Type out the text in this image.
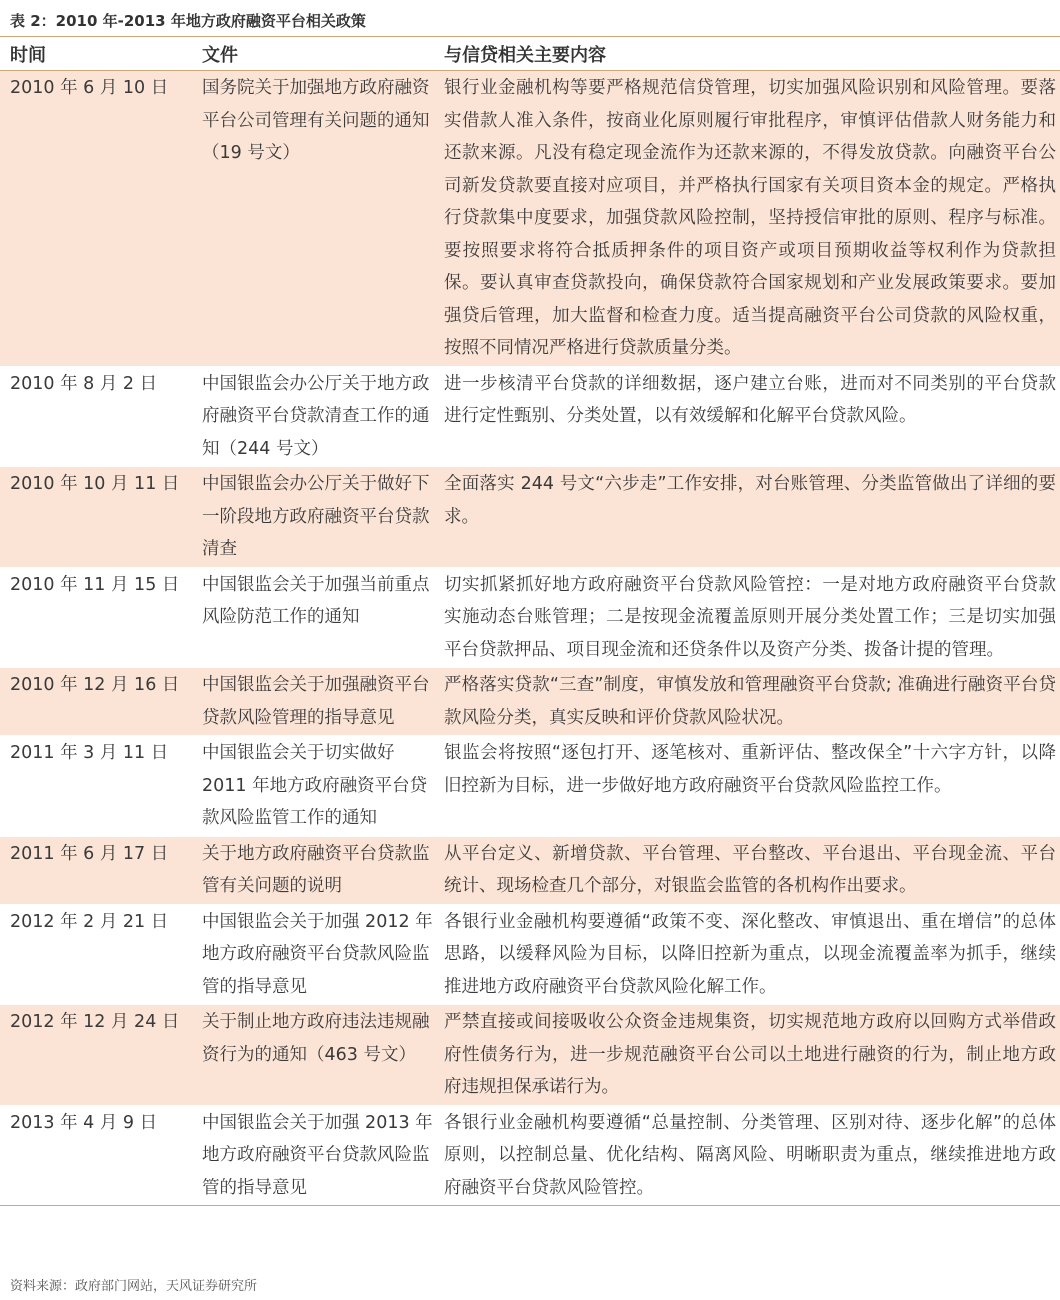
表 2：2010 年-2013 年地方政府融资平台相关政策
时间	文件	与信贷相关主要内容
2010 年 6 月 10 日	国务院关于加强地方政府融资平台公司管理有关问题的通知（19 号文）	银行业金融机构等要严格规范信贷管理，切实加强风险识别和风险管理。要落实借款人准入条件，按商业化原则履行审批程序，审慎评估借款人财务能力和还款来源。凡没有稳定现金流作为还款来源的，不得发放贷款。向融资平台公司新发贷款要直接对应项目，并严格执行国家有关项目资本金的规定。严格执行贷款集中度要求，加强贷款风险控制，坚持授信审批的原则、程序与标准。要按照要求将符合抵质押条件的项目资产或项目预期收益等权利作为贷款担保。要认真审查贷款投向，确保贷款符合国家规划和产业发展政策要求。要加强贷后管理，加大监督和检查力度。适当提高融资平台公司贷款的风险权重，按照不同情况严格进行贷款质量分类。
2010 年 8 月 2 日	中国银监会办公厅关于地方政府融资平台贷款清查工作的通知（244 号文）	进一步核清平台贷款的详细数据，逐户建立台账，进而对不同类别的平台贷款进行定性甄别、分类处置，以有效缓解和化解平台贷款风险。
2010 年 10 月 11 日	中国银监会办公厅关于做好下一阶段地方政府融资平台贷款清查	全面落实 244 号文“六步走”工作安排，对台账管理、分类监管做出了详细的要求。
2010 年 11 月 15 日	中国银监会关于加强当前重点风险防范工作的通知	切实抓紧抓好地方政府融资平台贷款风险管控：一是对地方政府融资平台贷款实施动态台账管理；二是按现金流覆盖原则开展分类处置工作；三是切实加强平台贷款押品、项目现金流和还贷条件以及资产分类、拨备计提的管理。
2010 年 12 月 16 日	中国银监会关于加强融资平台贷款风险管理的指导意见	严格落实贷款“三查”制度，审慎发放和管理融资平台贷款; 准确进行融资平台贷款风险分类，真实反映和评价贷款风险状况。
2011 年 3 月 11 日	中国银监会关于切实做好 2011 年地方政府融资平台贷款风险监管工作的通知	银监会将按照“逐包打开、逐笔核对、重新评估、整改保全”十六字方针，以降旧控新为目标，进一步做好地方政府融资平台贷款风险监控工作。
2011 年 6 月 17 日	关于地方政府融资平台贷款监管有关问题的说明	从平台定义、新增贷款、平台管理、平台整改、平台退出、平台现金流、平台统计、现场检查几个部分，对银监会监管的各机构作出要求。
2012 年 2 月 21 日	中国银监会关于加强 2012 年地方政府融资平台贷款风险监管的指导意见	各银行业金融机构要遵循“政策不变、深化整改、审慎退出、重在增信”的总体思路，以缓释风险为目标，以降旧控新为重点，以现金流覆盖率为抓手，继续推进地方政府融资平台贷款风险化解工作。
2012 年 12 月 24 日	关于制止地方政府违法违规融资行为的通知（463 号文）	严禁直接或间接吸收公众资金违规集资，切实规范地方政府以回购方式举借政府性债务行为，进一步规范融资平台公司以土地进行融资的行为，制止地方政府违规担保承诺行为。
2013 年 4 月 9 日	中国银监会关于加强 2013 年地方政府融资平台贷款风险监管的指导意见	各银行业金融机构要遵循“总量控制、分类管理、区别对待、逐步化解”的总体原则，以控制总量、优化结构、隔离风险、明晰职责为重点，继续推进地方政府融资平台贷款风险管控。
资料来源：政府部门网站，天风证券研究所
